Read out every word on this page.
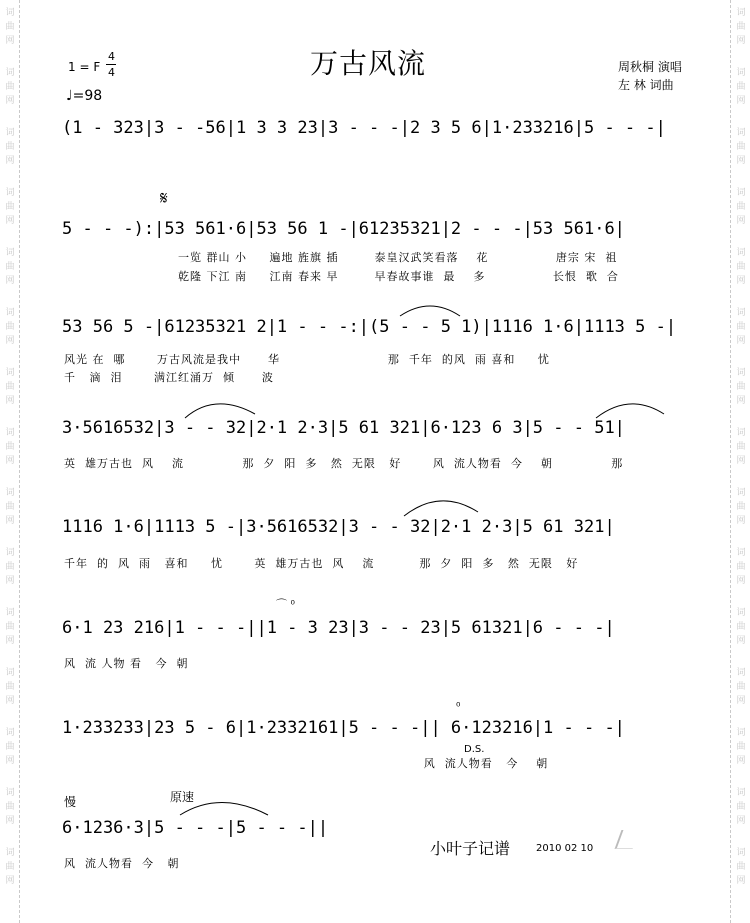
词
曲
网
词
曲
网
词
曲
网
词
曲
网
词
曲
网
词
曲
网
词
曲
网
词
曲
网
词
曲
网
词
曲
网
词
曲
网
词
曲
网
词
曲
网
词
曲
网
词
曲
网
词
曲
网
词
曲
网
词
曲
网
词
曲
网
词
曲
网
词
曲
网
词
曲
网
词
曲
网
词
曲
网
词
曲
网
词
曲
网
词
曲
网
词
曲
网
词
曲
网
词
曲
网
1 = F
4
4
♩=98
万古风流	周秋桐 演唱
左 林 词曲
(1 - 323|3 - -56|1 3 3 23|3 - - -|2 3 5 6|1·233216|5 - - -|
5 - - -):|53 561·6|53 56 1 -|61235321|2 - - -|53 561·6|
𝄋
一览 群山 小     遍地 旌旗 插        泰皇汉武笑看落    花               唐宗 宋  祖
乾隆 下江 南     江南 春来 早        早春故事谁  最    多               长恨  歌  合
53 56 5 -|61235321 2|1 - - -:|(5 - - 5 1)|1116 1·6|1113 5 -|
风光 在  哪       万古风流是我中      华                        那  千年  的风  雨 喜和     忧
千   滴  泪       满江红涌万  倾      波
3·5616532|3 - - 32|2·1 2·3|5 61 321|6·123 6 3|5 - - 51|
英  雄万古也  风    流             那  夕  阳  多   然  无限   好       风  流人物看  今    朝             那
1116 1·6|1113 5 -|3·5616532|3 - - 32|2·1 2·3|5 61 321|
千年  的  风  雨   喜和     忧       英  雄万古也  风    流          那  夕  阳  多   然  无限   好
6·1 23 216|1 - - -||1 - 3 23|3 - - 23|5 61321|6 - - -|
风  流 人物 看   今  朝
⌒ ⁰
1·233233|23 5 - 6|1·2332161|5 - - -|| 6·123216|1 - - -|
风  流人物看   今    朝
D.S.
⁰
慢	原速
6·1236·3|5 - - -|5 - - -||
风  流人物看  今   朝
小叶子记谱	2010 02 10
